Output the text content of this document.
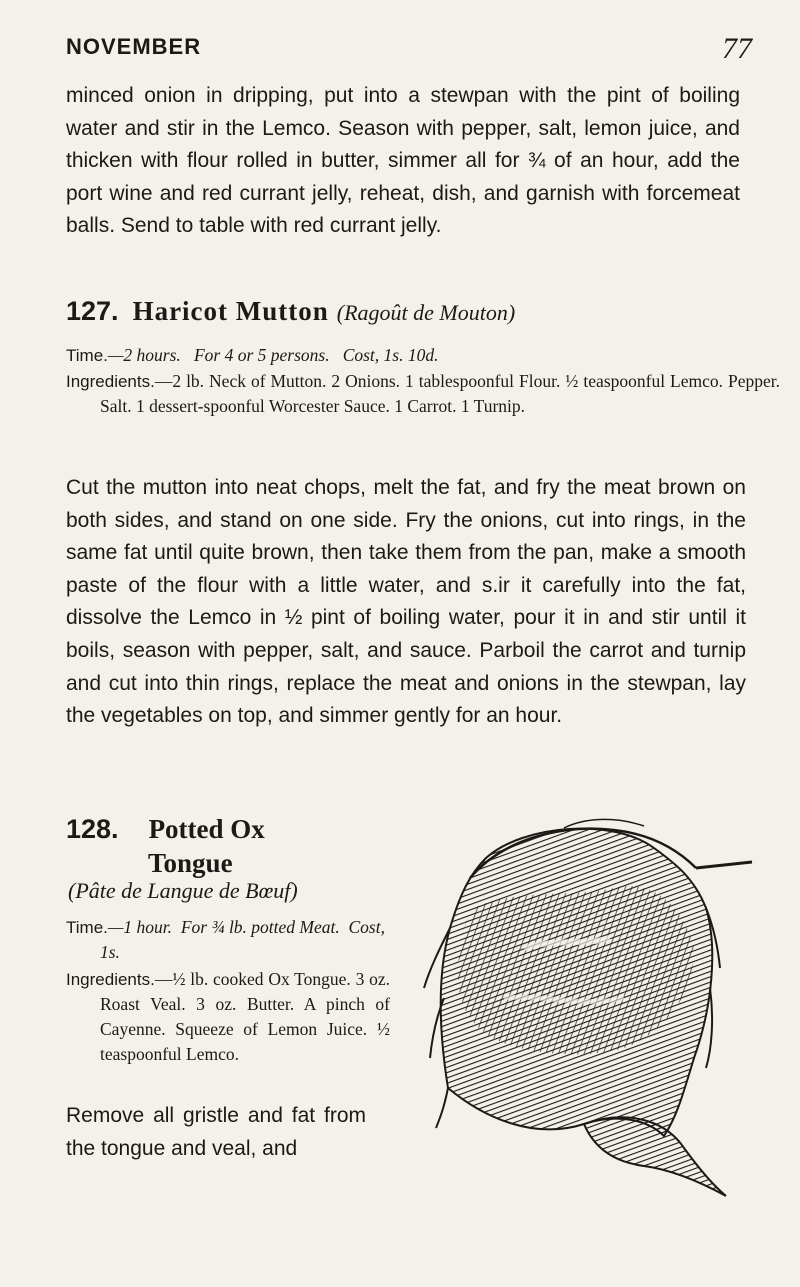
NOVEMBER	77

minced onion in dripping, put into a stewpan with the pint of boiling water and stir in the Lemco. Season with pepper, salt, lemon juice, and thicken with flour rolled in butter, simmer all for ¾ of an hour, add the port wine and red currant jelly, reheat, dish, and garnish with forcemeat balls. Send to table with red currant jelly.

127. Haricot Mutton (Ragoût de Mouton)

Time.—2 hours. For 4 or 5 persons. Cost, 1s. 10d.

Ingredients.—2 lb. Neck of Mutton. 2 Onions. 1 tablespoonful Flour. ½ teaspoonful Lemco. Pepper. Salt. 1 dessert-spoonful Worcester Sauce. 1 Carrot. 1 Turnip.

Cut the mutton into neat chops, melt the fat, and fry the meat brown on both sides, and stand on one side. Fry the onions, cut into rings, in the same fat until quite brown, then take them from the pan, make a smooth paste of the flour with a little water, and s.ir it carefully into the fat, dissolve the Lemco in ½ pint of boiling water, pour it in and stir until it boils, season with pepper, salt, and sauce. Parboil the carrot and turnip and cut into thin rings, replace the meat and onions in the stewpan, lay the vegetables on top, and simmer gently for an hour.

128. Potted Ox
Tongue
(Pâte de Langue de Bœuf)

Time.—1 hour. For ¾ lb. potted Meat. Cost, 1s.

Ingredients.—½ lb. cooked Ox Tongue. 3 oz. Roast Veal. 3 oz. Butter. A pinch of Cayenne. Squeeze of Lemon Juice. ½ teaspoonful Lemco.

Remove all gristle and fat from the tongue and veal, and
